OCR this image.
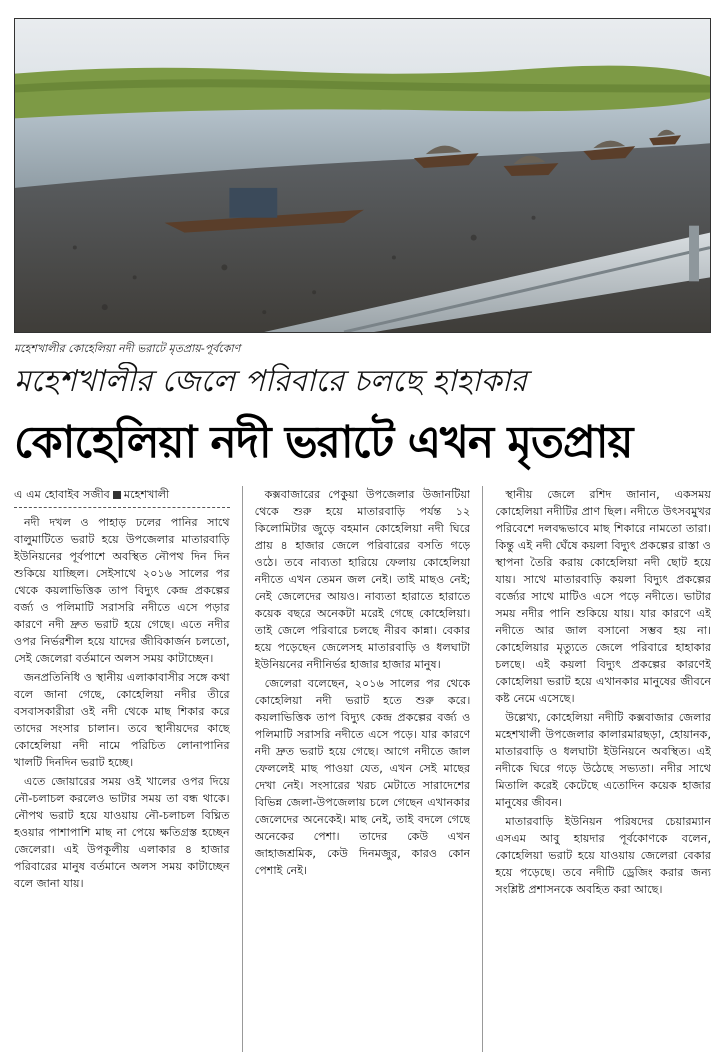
মহেশখালীর কোহেলিয়া নদী ভরাটে মৃতপ্রায়-পূর্বকোণ
মহেশখালীর জেলে পরিবারে চলছে হাহাকার
কোহেলিয়া নদী ভরাটে এখন মৃতপ্রায়
এ এম হোবাইব সজীব মহেশখালী

নদী দখল ও পাহাড় ঢলের পানির সাথে বালুমাটিতে ভরাট হয়ে উপজেলার মাতারবাড়ি ইউনিয়নের পূর্বপাশে অবস্থিত নৌপথ দিন দিন শুকিয়ে যাচ্ছিল। সেইসাথে ২০১৬ সালের পর থেকে কয়লাভিত্তিক তাপ বিদ্যুৎ কেন্দ্র প্রকল্পের বর্জ্য ও পলিমাটি সরাসরি নদীতে এসে পড়ার কারণে নদী দ্রুত ভরাট হয়ে গেছে। এতে নদীর ওপর নির্ভরশীল হয়ে যাদের জীবিকার্জন চলতো, সেই জেলেরা বর্তমানে অলস সময় কাটাচ্ছেন।

জনপ্রতিনিধি ও স্থানীয় এলাকাবাসীর সঙ্গে কথা বলে জানা গেছে, কোহেলিয়া নদীর তীরে বসবাসকারীরা ওই নদী থেকে মাছ শিকার করে তাদের সংসার চালান। তবে স্থানীয়দের কাছে কোহেলিয়া নদী নামে পরিচিত লোনাপানির খালটি দিনদিন ভরাট হচ্ছে।

এতে জোয়ারের সময় ওই খালের ওপর দিয়ে নৌ-চলাচল করলেও ভাটার সময় তা বন্ধ থাকে। নৌপথ ভরাট হয়ে যাওয়ায় নৌ-চলাচল বিঘ্নিত হওয়ার পাশাপাশি মাছ না পেয়ে ক্ষতিগ্রস্ত হচ্ছেন জেলেরা। এই উপকূলীয় এলাকার ৪ হাজার পরিবারের মানুষ বর্তমানে অলস সময় কাটাচ্ছেন বলে জানা যায়।

কক্সবাজারের পেকুয়া উপজেলার উজানটিয়া থেকে শুরু হয়ে মাতারবাড়ি পর্যন্ত ১২ কিলোমিটার জুড়ে বহমান কোহেলিয়া নদী ঘিরে প্রায় ৪ হাজার জেলে পরিবারের বসতি গড়ে ওঠে। তবে নাব্যতা হারিয়ে ফেলায় কোহেলিয়া নদীতে এখন তেমন জল নেই। তাই মাছও নেই; নেই জেলেদের আয়ও। নাব্যতা হারাতে হারাতে কয়েক বছরে অনেকটা মরেই গেছে কোহেলিয়া। তাই জেলে পরিবারে চলছে নীরব কান্না। বেকার হয়ে পড়েছেন জেলেসহ মাতারবাড়ি ও ধলঘাটা ইউনিয়নের নদীনির্ভর হাজার হাজার মানুষ।

জেলেরা বলেছেন, ২০১৬ সালের পর থেকে কোহেলিয়া নদী ভরাট হতে শুরু করে। কয়লাভিত্তিক তাপ বিদ্যুৎ কেন্দ্র প্রকল্পের বর্জ্য ও পলিমাটি সরাসরি নদীতে এসে পড়ে। যার কারণে নদী দ্রুত ভরাট হয়ে গেছে। আগে নদীতে জাল ফেললেই মাছ পাওয়া যেত, এখন সেই মাছের দেখা নেই। সংসারের খরচ মেটাতে সারাদেশের বিভিন্ন জেলা-উপজেলায় চলে গেছেন এখানকার জেলেদের অনেকেই। মাছ নেই, তাই বদলে গেছে অনেকের পেশা। তাদের কেউ এখন জাহাজশ্রমিক, কেউ দিনমজুর, কারও কোন পেশাই নেই।

স্থানীয় জেলে রশিদ জানান, একসময় কোহেলিয়া নদীটির প্রাণ ছিল। নদীতে উৎসবমুখর পরিবেশে দলবদ্ধভাবে মাছ শিকারে নামতো তারা। কিন্তু এই নদী ঘেঁষে কয়লা বিদ্যুৎ প্রকল্পের রাস্তা ও স্থাপনা তৈরি করায় কোহেলিয়া নদী ছোট হয়ে যায়। সাথে মাতারবাড়ি কয়লা বিদ্যুৎ প্রকল্পের বর্জ্যের সাথে মাটিও এসে পড়ে নদীতে। ভাটার সময় নদীর পানি শুকিয়ে যায়। যার কারণে এই নদীতে আর জাল বসানো সম্ভব হয় না। কোহেলিয়ার মৃত্যুতে জেলে পরিবারে হাহাকার চলছে। এই কয়লা বিদ্যুৎ প্রকল্পের কারণেই কোহেলিয়া ভরাট হয়ে এখানকার মানুষের জীবনে কষ্ট নেমে এসেছে।

উল্লেখ্য, কোহেলিয়া নদীটি কক্সবাজার জেলার মহেশখালী উপজেলার কালারমারছড়া, হোয়ানক, মাতারবাড়ি ও ধলঘাটা ইউনিয়নে অবস্থিত। এই নদীকে ঘিরে গড়ে উঠেছে সভ্যতা। নদীর সাথে মিতালি করেই কেটেছে এতোদিন কয়েক হাজার মানুষের জীবন।

মাতারবাড়ি ইউনিয়ন পরিষদের চেয়ারম্যান এসএম আবু হায়দার পূর্বকোণকে বলেন, কোহেলিয়া ভরাট হয়ে যাওয়ায় জেলেরা বেকার হয়ে পড়েছে। তবে নদীটি ড্রেজিং করার জন্য সংশ্লিষ্ট প্রশাসনকে অবহিত করা আছে।
